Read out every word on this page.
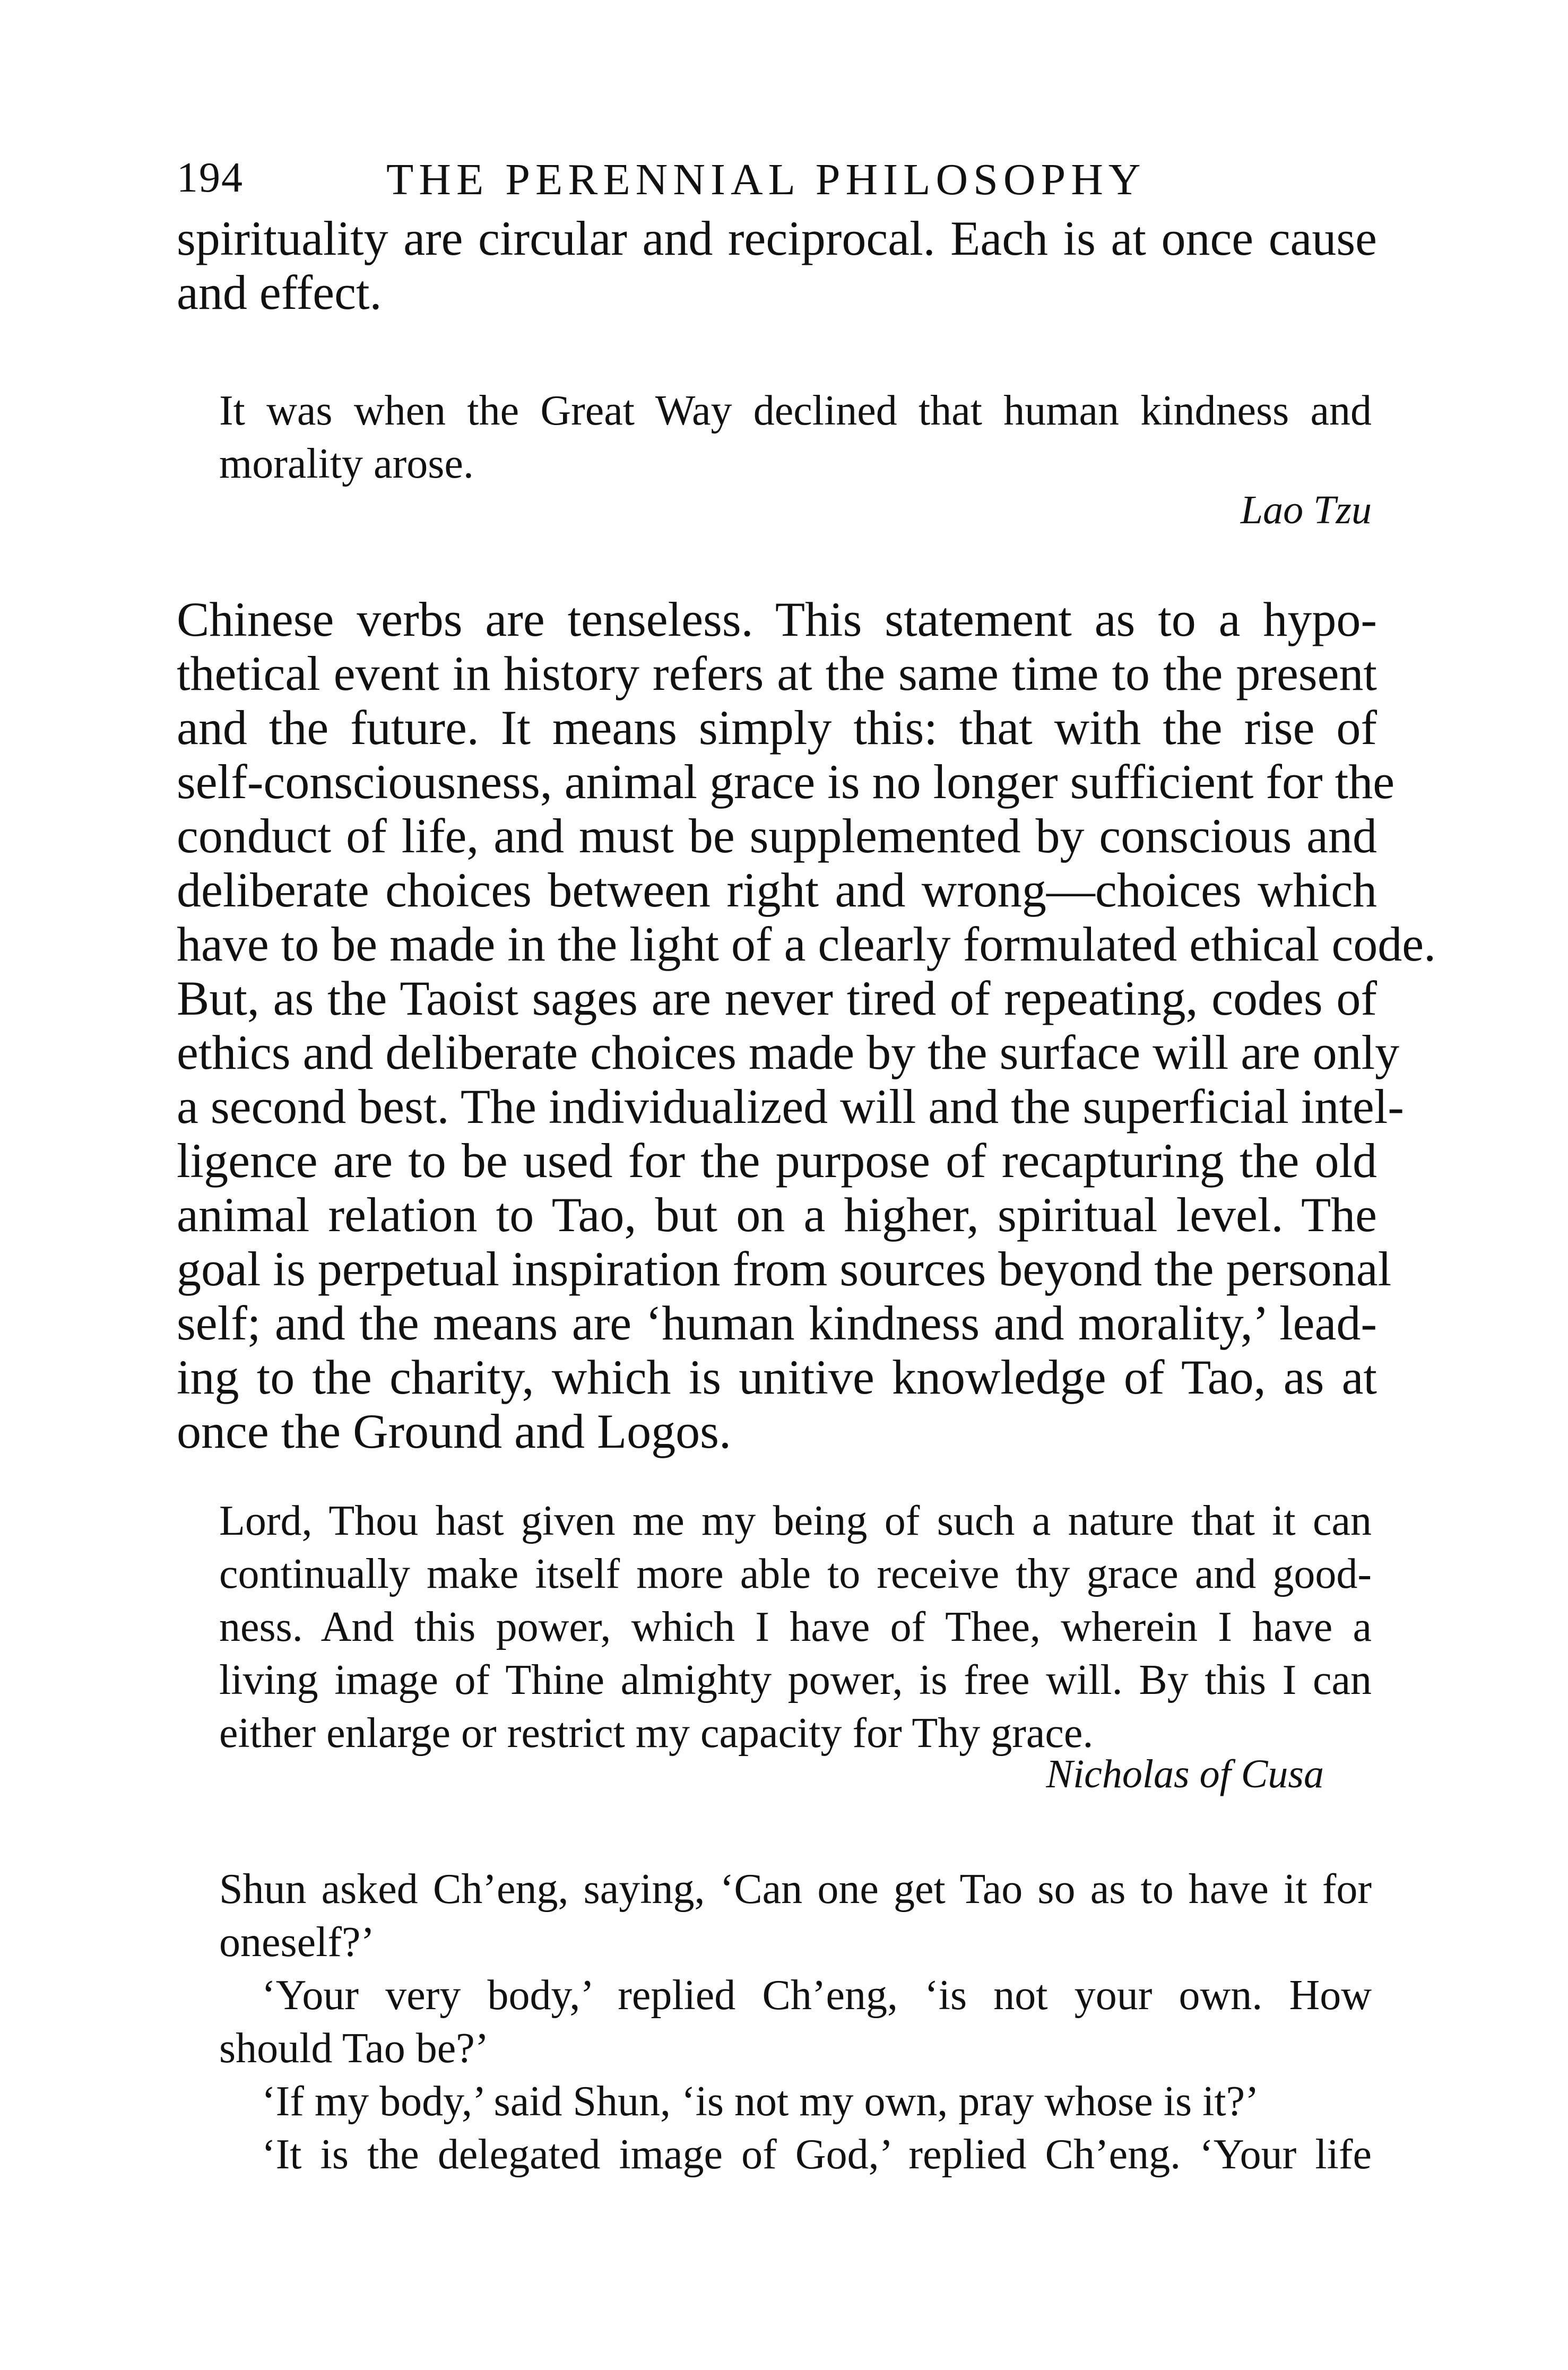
194	THE PERENNIAL PHILOSOPHY
spirituality are circular and reciprocal. Each is at once cause
and effect.
It was when the Great Way declined that human kindness and
morality arose.
Lao Tzu
Chinese verbs are tenseless. This statement as to a hypo-
thetical event in history refers at the same time to the present
and the future. It means simply this: that with the rise of
self-consciousness, animal grace is no longer sufficient for the
conduct of life, and must be supplemented by conscious and
deliberate choices between right and wrong—choices which
have to be made in the light of a clearly formulated ethical code.
But, as the Taoist sages are never tired of repeating, codes of
ethics and deliberate choices made by the surface will are only
a second best. The individualized will and the superficial intel-
ligence are to be used for the purpose of recapturing the old
animal relation to Tao, but on a higher, spiritual level. The
goal is perpetual inspiration from sources beyond the personal
self; and the means are ‘human kindness and morality,’ lead-
ing to the charity, which is unitive knowledge of Tao, as at
once the Ground and Logos.
Lord, Thou hast given me my being of such a nature that it can
continually make itself more able to receive thy grace and good-
ness. And this power, which I have of Thee, wherein I have a
living image of Thine almighty power, is free will. By this I can
either enlarge or restrict my capacity for Thy grace.
Nicholas of Cusa
Shun asked Ch’eng, saying, ‘Can one get Tao so as to have it for
oneself?’
‘Your very body,’ replied Ch’eng, ‘is not your own. How
should Tao be?’
‘If my body,’ said Shun, ‘is not my own, pray whose is it?’
‘It is the delegated image of God,’ replied Ch’eng. ‘Your life
